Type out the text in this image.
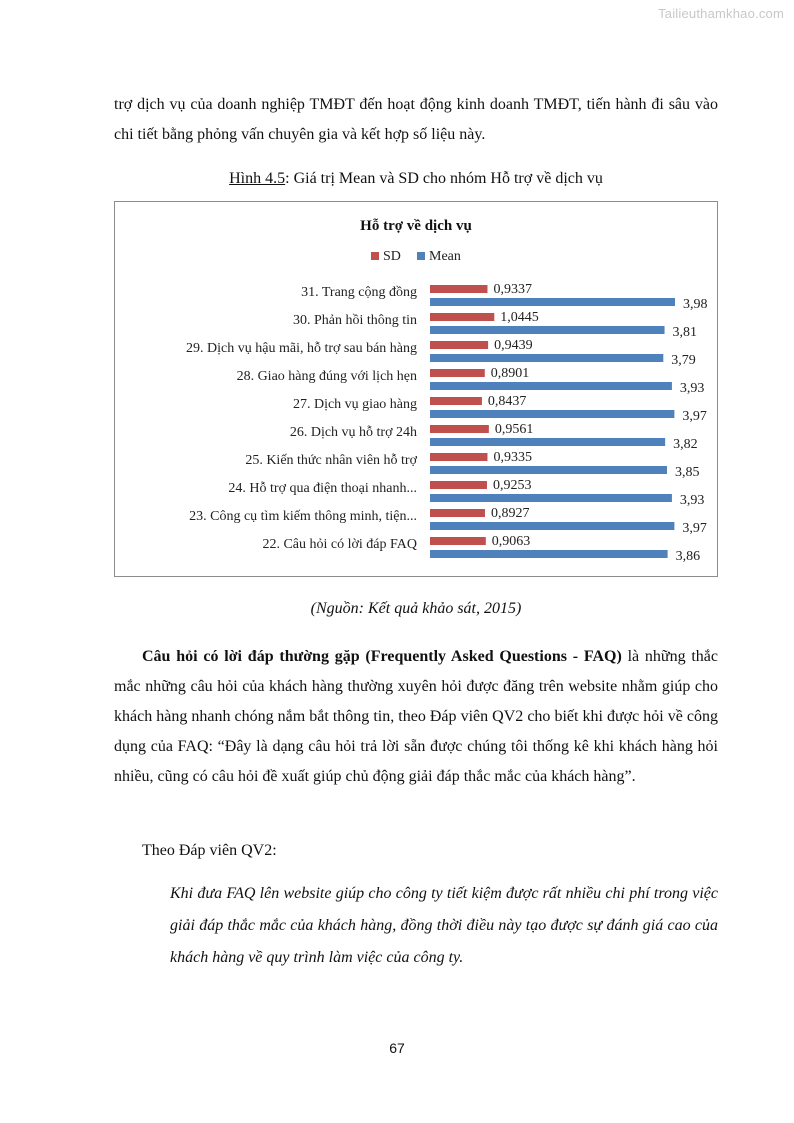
Tailieuthamkhao.com

trợ dịch vụ của doanh nghiệp TMĐT đến hoạt động kinh doanh TMĐT, tiến hành đi sâu vào chi tiết bằng phỏng vấn chuyên gia và kết hợp số liệu này.

Hình 4.5: Giá trị Mean và SD cho nhóm Hỗ trợ về dịch vụ
Hỗ trợ về dịch vụ
SD Mean
31. Trang cộng đồng	0,9337
3,98
30. Phản hồi thông tin	1,0445
3,81
29. Dịch vụ hậu mãi, hỗ trợ sau bán hàng	0,9439
3,79
28. Giao hàng đúng với lịch hẹn	0,8901
3,93
27. Dịch vụ giao hàng	0,8437
3,97
26. Dịch vụ hỗ trợ 24h	0,9561
3,82
25. Kiến thức nhân viên hỗ trợ	0,9335
3,85
24. Hỗ trợ qua điện thoại nhanh...	0,9253
3,93
23. Công cụ tìm kiếm thông minh, tiện...	0,8927
3,97
22. Câu hỏi có lời đáp FAQ	0,9063
3,86
(Nguồn: Kết quả khảo sát, 2015)

Câu hỏi có lời đáp thường gặp (Frequently Asked Questions - FAQ) là những thắc mắc những câu hỏi của khách hàng thường xuyên hỏi được đăng trên website nhằm giúp cho khách hàng nhanh chóng nắm bắt thông tin, theo Đáp viên QV2 cho biết khi được hỏi về công dụng của FAQ: “Đây là dạng câu hỏi trả lời sẵn được chúng tôi thống kê khi khách hàng hỏi nhiều, cũng có câu hỏi đề xuất giúp chủ động giải đáp thắc mắc của khách hàng”.

Theo Đáp viên QV2:

Khi đưa FAQ lên website giúp cho công ty tiết kiệm được rất nhiều chi phí trong việc giải đáp thắc mắc của khách hàng, đồng thời điều này tạo được sự đánh giá cao của khách hàng về quy trình làm việc của công ty.

67
